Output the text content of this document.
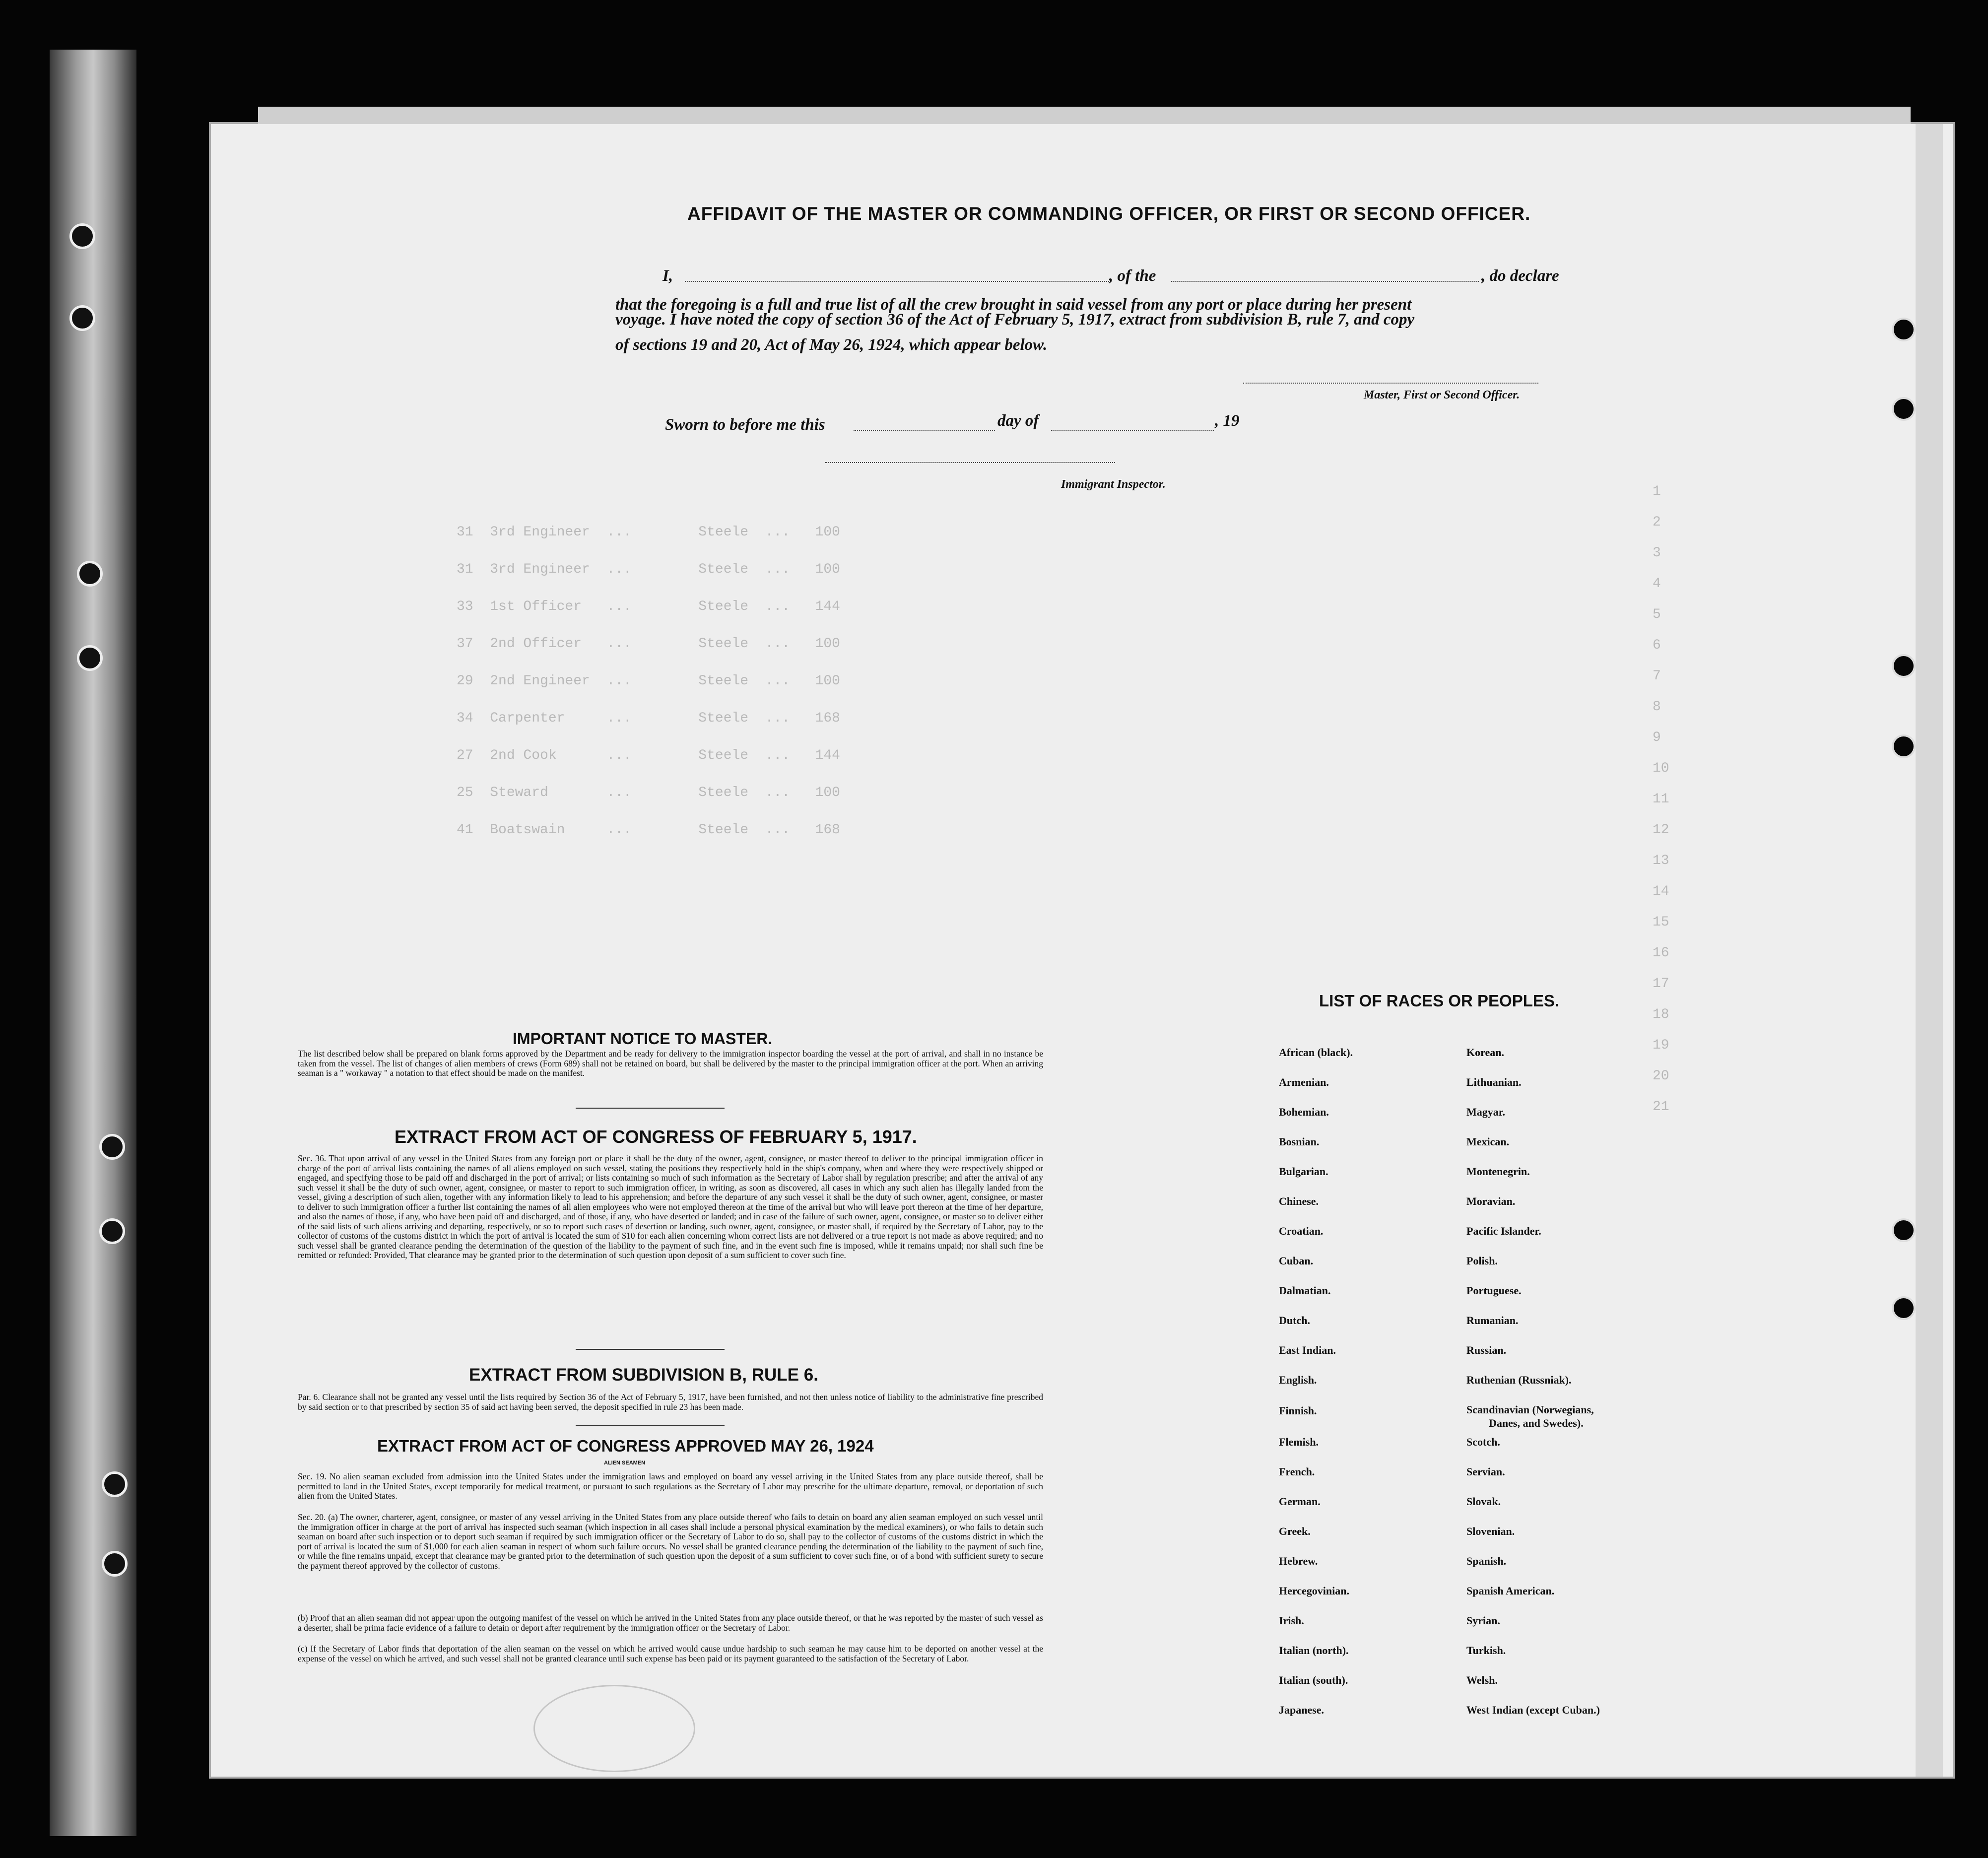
31  3rd Engineer  ...        Steele  ...   100
31  3rd Engineer  ...        Steele  ...   100
33  1st Officer   ...        Steele  ...   144
37  2nd Officer   ...        Steele  ...   100
29  2nd Engineer  ...        Steele  ...   100
34  Carpenter     ...        Steele  ...   168
27  2nd Cook      ...        Steele  ...   144
25  Steward       ...        Steele  ...   100
41  Boatswain     ...        Steele  ...   168
1
2
3
4
5
6
7
8
9
10
11
12
13
14
15
16
17
18
19
20
21
AFFIDAVIT OF THE MASTER OR COMMANDING OFFICER, OR FIRST OR SECOND OFFICER.
I,	, of the	, do declare
that the foregoing is a full and true list of all the crew brought in said vessel from any port or place during her present
voyage. I have noted the copy of section 36 of the Act of February 5, 1917, extract from subdivision B, rule 7, and copy
of sections 19 and 20, Act of May 26, 1924, which appear below.
Master, First or Second Officer.
Sworn to before me this	day of	, 19
Immigrant Inspector.
IMPORTANT NOTICE TO MASTER.
The list described below shall be prepared on blank forms approved by the Department and be ready for delivery to the immigration inspector boarding the vessel at the port of arrival, and shall in no instance be taken from the vessel. The list of changes of alien members of crews (Form 689) shall not be retained on board, but shall be delivered by the master to the principal immigration officer at the port. When an arriving seaman is a " workaway " a notation to that effect should be made on the manifest.
EXTRACT FROM ACT OF CONGRESS OF FEBRUARY 5, 1917.
Sec. 36. That upon arrival of any vessel in the United States from any foreign port or place it shall be the duty of the owner, agent, consignee, or master thereof to deliver to the principal immigration officer in charge of the port of arrival lists containing the names of all aliens employed on such vessel, stating the positions they respectively hold in the ship's company, when and where they were respectively shipped or engaged, and specifying those to be paid off and discharged in the port of arrival; or lists containing so much of such information as the Secretary of Labor shall by regulation prescribe; and after the arrival of any such vessel it shall be the duty of such owner, agent, consignee, or master to report to such immigration officer, in writing, as soon as discovered, all cases in which any such alien has illegally landed from the vessel, giving a description of such alien, together with any information likely to lead to his apprehension; and before the departure of any such vessel it shall be the duty of such owner, agent, consignee, or master to deliver to such immigration officer a further list containing the names of all alien employees who were not employed thereon at the time of the arrival but who will leave port thereon at the time of her departure, and also the names of those, if any, who have been paid off and discharged, and of those, if any, who have deserted or landed; and in case of the failure of such owner, agent, consignee, or master so to deliver either of the said lists of such aliens arriving and departing, respectively, or so to report such cases of desertion or landing, such owner, agent, consignee, or master shall, if required by the Secretary of Labor, pay to the collector of customs of the customs district in which the port of arrival is located the sum of $10 for each alien concerning whom correct lists are not delivered or a true report is not made as above required; and no such vessel shall be granted clearance pending the determination of the question of the liability to the payment of such fine, and in the event such fine is imposed, while it remains unpaid; nor shall such fine be remitted or refunded: Provided, That clearance may be granted prior to the determination of such question upon deposit of a sum sufficient to cover such fine.
EXTRACT FROM SUBDIVISION B, RULE 6.
Par. 6. Clearance shall not be granted any vessel until the lists required by Section 36 of the Act of February 5, 1917, have been furnished, and not then unless notice of liability to the administrative fine prescribed by said section or to that prescribed by section 35 of said act having been served, the deposit specified in rule 23 has been made.
EXTRACT FROM ACT OF CONGRESS APPROVED MAY 26, 1924
ALIEN SEAMEN
Sec. 19. No alien seaman excluded from admission into the United States under the immigration laws and employed on board any vessel arriving in the United States from any place outside thereof, shall be permitted to land in the United States, except temporarily for medical treatment, or pursuant to such regulations as the Secretary of Labor may prescribe for the ultimate departure, removal, or deportation of such alien from the United States.
Sec. 20. (a) The owner, charterer, agent, consignee, or master of any vessel arriving in the United States from any place outside thereof who fails to detain on board any alien seaman employed on such vessel until the immigration officer in charge at the port of arrival has inspected such seaman (which inspection in all cases shall include a personal physical examination by the medical examiners), or who fails to detain such seaman on board after such inspection or to deport such seaman if required by such immigration officer or the Secretary of Labor to do so, shall pay to the collector of customs of the customs district in which the port of arrival is located the sum of $1,000 for each alien seaman in respect of whom such failure occurs. No vessel shall be granted clearance pending the determination of the liability to the payment of such fine, or while the fine remains unpaid, except that clearance may be granted prior to the determination of such question upon the deposit of a sum sufficient to cover such fine, or of a bond with sufficient surety to secure the payment thereof approved by the collector of customs.
(b) Proof that an alien seaman did not appear upon the outgoing manifest of the vessel on which he arrived in the United States from any place outside thereof, or that he was reported by the master of such vessel as a deserter, shall be prima facie evidence of a failure to detain or deport after requirement by the immigration officer or the Secretary of Labor.
(c) If the Secretary of Labor finds that deportation of the alien seaman on the vessel on which he arrived would cause undue hardship to such seaman he may cause him to be deported on another vessel at the expense of the vessel on which he arrived, and such vessel shall not be granted clearance until such expense has been paid or its payment guaranteed to the satisfaction of the Secretary of Labor.
LIST OF RACES OR PEOPLES.
African (black).
Armenian.
Bohemian.
Bosnian.
Bulgarian.
Chinese.
Croatian.
Cuban.
Dalmatian.
Dutch.
East Indian.
English.
Finnish.
Flemish.
French.
German.
Greek.
Hebrew.
Hercegovinian.
Irish.
Italian (north).
Italian (south).
Japanese.
Korean.
Lithuanian.
Magyar.
Mexican.
Montenegrin.
Moravian.
Pacific Islander.
Polish.
Portuguese.
Rumanian.
Russian.
Ruthenian (Russniak).
Scandinavian (Norwegians,
Danes, and Swedes).
Scotch.
Servian.
Slovak.
Slovenian.
Spanish.
Spanish American.
Syrian.
Turkish.
Welsh.
West Indian (except Cuban.)
